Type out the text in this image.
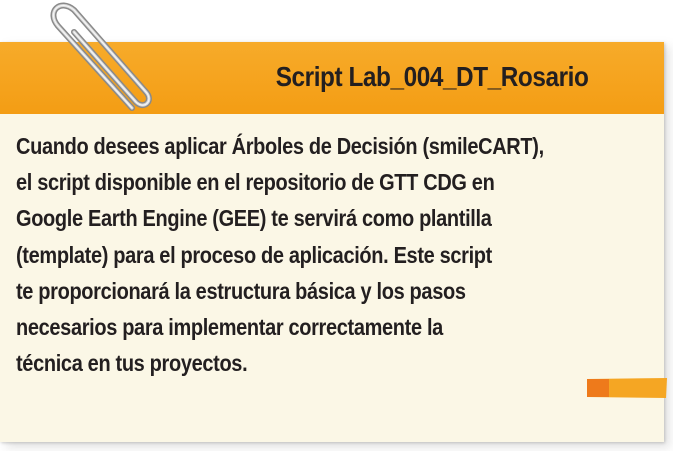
Script Lab_004_DT_Rosario

Cuando desees aplicar Árboles de Decisión (smileCART),
el script disponible en el repositorio de GTT CDG en
Google Earth Engine (GEE) te servirá como plantilla
(template) para el proceso de aplicación. Este script
te proporcionará la estructura básica y los pasos
necesarios para implementar correctamente la
técnica en tus proyectos.
